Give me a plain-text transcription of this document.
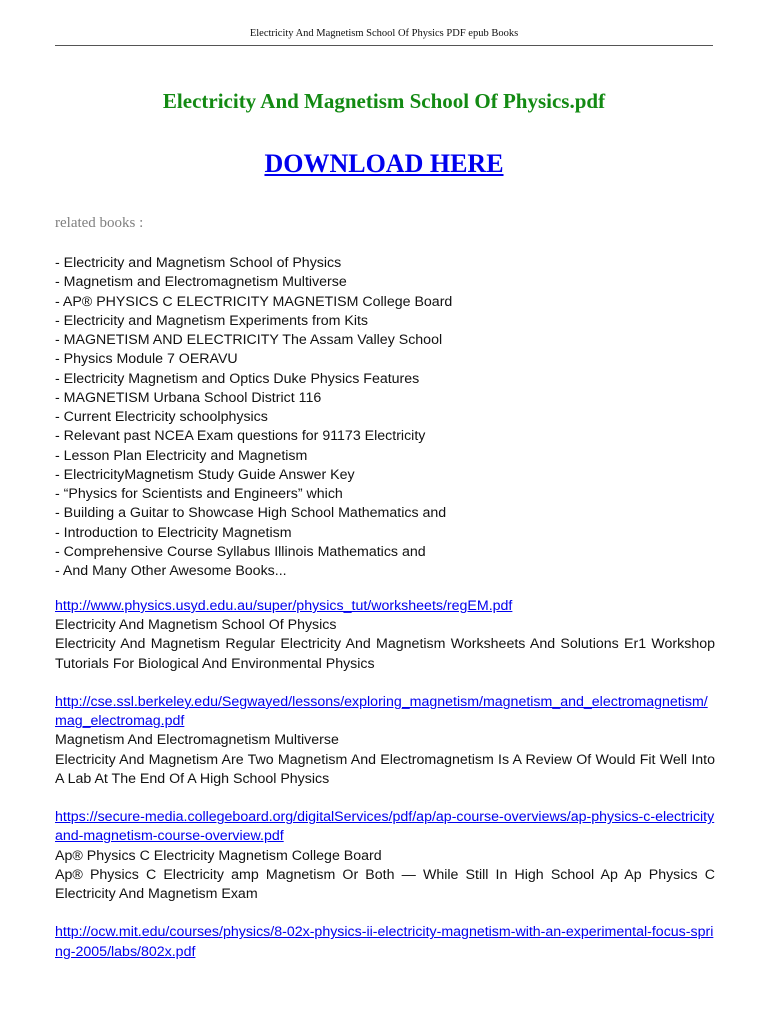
Electricity And Magnetism School Of Physics PDF epub Books
Electricity And Magnetism School Of Physics.pdf
DOWNLOAD HERE
related books :
- Electricity and Magnetism School of Physics
- Magnetism and Electromagnetism Multiverse
- AP® PHYSICS C ELECTRICITY MAGNETISM College Board
- Electricity and Magnetism Experiments from Kits
- MAGNETISM AND ELECTRICITY The Assam Valley School
- Physics Module 7 OERAVU
- Electricity Magnetism and Optics Duke Physics Features
- MAGNETISM Urbana School District 116
- Current Electricity schoolphysics
- Relevant past NCEA Exam questions for 91173 Electricity
- Lesson Plan Electricity and Magnetism
- ElectricityMagnetism Study Guide Answer Key
- “Physics for Scientists and Engineers” which
- Building a Guitar to Showcase High School Mathematics and
- Introduction to Electricity Magnetism
- Comprehensive Course Syllabus Illinois Mathematics and
- And Many Other Awesome Books...
http://www.physics.usyd.edu.au/super/physics_tut/worksheets/regEM.pdf
Electricity And Magnetism School Of Physics
Electricity And Magnetism Regular Electricity And Magnetism Worksheets And Solutions Er1 Workshop Tutorials For Biological And Environmental Physics
http://cse.ssl.berkeley.edu/Segwayed/lessons/exploring_magnetism/magnetism_and_electromagnetism/mag_electromag.pdf
Magnetism And Electromagnetism Multiverse
Electricity And Magnetism Are Two Magnetism And Electromagnetism Is A Review Of Would Fit Well Into A Lab At The End Of A High School Physics
https://secure-media.collegeboard.org/digitalServices/pdf/ap/ap-course-overviews/ap-physics-c-electricityand-magnetism-course-overview.pdf
Ap® Physics C Electricity Magnetism College Board
Ap® Physics C Electricity amp Magnetism Or Both — While Still In High School Ap Ap Physics C Electricity And Magnetism Exam
http://ocw.mit.edu/courses/physics/8-02x-physics-ii-electricity-magnetism-with-an-experimental-focus-spring-2005/labs/802x.pdf
